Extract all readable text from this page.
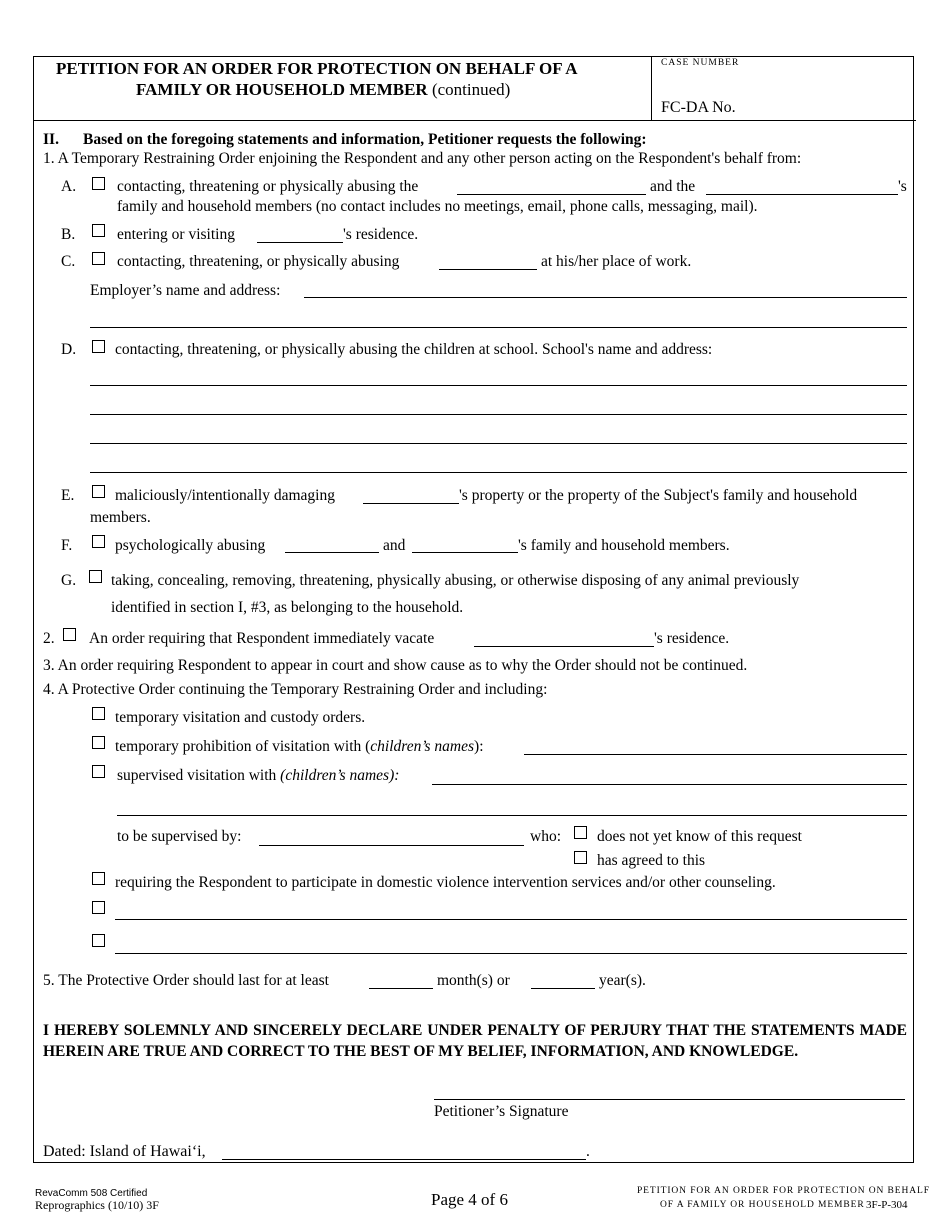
PETITION FOR AN ORDER FOR PROTECTION ON BEHALF OF A
FAMILY OR HOUSEHOLD MEMBER (continued)
CASE NUMBER
FC-DA No.
II. Based on the foregoing statements and information, Petitioner requests the following:
1. A Temporary Restraining Order enjoining the Respondent and any other person acting on the Respondent's behalf from:
A.	contacting, threatening or physically abusing the	and the	's
family and household members (no contact includes no meetings, email, phone calls, messaging, mail).
B.	entering or visiting	's residence.
C.	contacting, threatening, or physically abusing	at his/her place of work.
Employer’s name and address:
D.	contacting, threatening, or physically abusing the children at school. School's name and address:
E.	maliciously/intentionally damaging	's property or the property of the Subject's family and household
members.
F.	psychologically abusing	and	's family and household members.
G. taking, concealing, removing, threatening, physically abusing, or otherwise disposing of any animal previously
identified in section I, #3, as belonging to the household.
2. An order requiring that Respondent immediately vacate	's residence.
3. An order requiring Respondent to appear in court and show cause as to why the Order should not be continued.
4. A Protective Order continuing the Temporary Restraining Order and including:
temporary visitation and custody orders.
temporary prohibition of visitation with (children’s names):
supervised visitation with (children’s names):
to be supervised by:	who: does not yet know of this request
has agreed to this
requiring the Respondent to participate in domestic violence intervention services and/or other counseling.
5. The Protective Order should last for at least	month(s) or	year(s).
I HEREBY SOLEMNLY AND SINCERELY DECLARE UNDER PENALTY OF PERJURY THAT THE STATEMENTS MADE HEREIN ARE TRUE AND CORRECT TO THE BEST OF MY BELIEF, INFORMATION, AND KNOWLEDGE.
Petitioner’s Signature
Dated: Island of Hawai‘i,	.
RevaComm 508 Certified
Reprographics (10/10) 3F	Page 4 of 6	PETITION FOR AN ORDER FOR PROTECTION ON BEHALF
OF A FAMILY OR HOUSEHOLD MEMBER 3F-P-304
